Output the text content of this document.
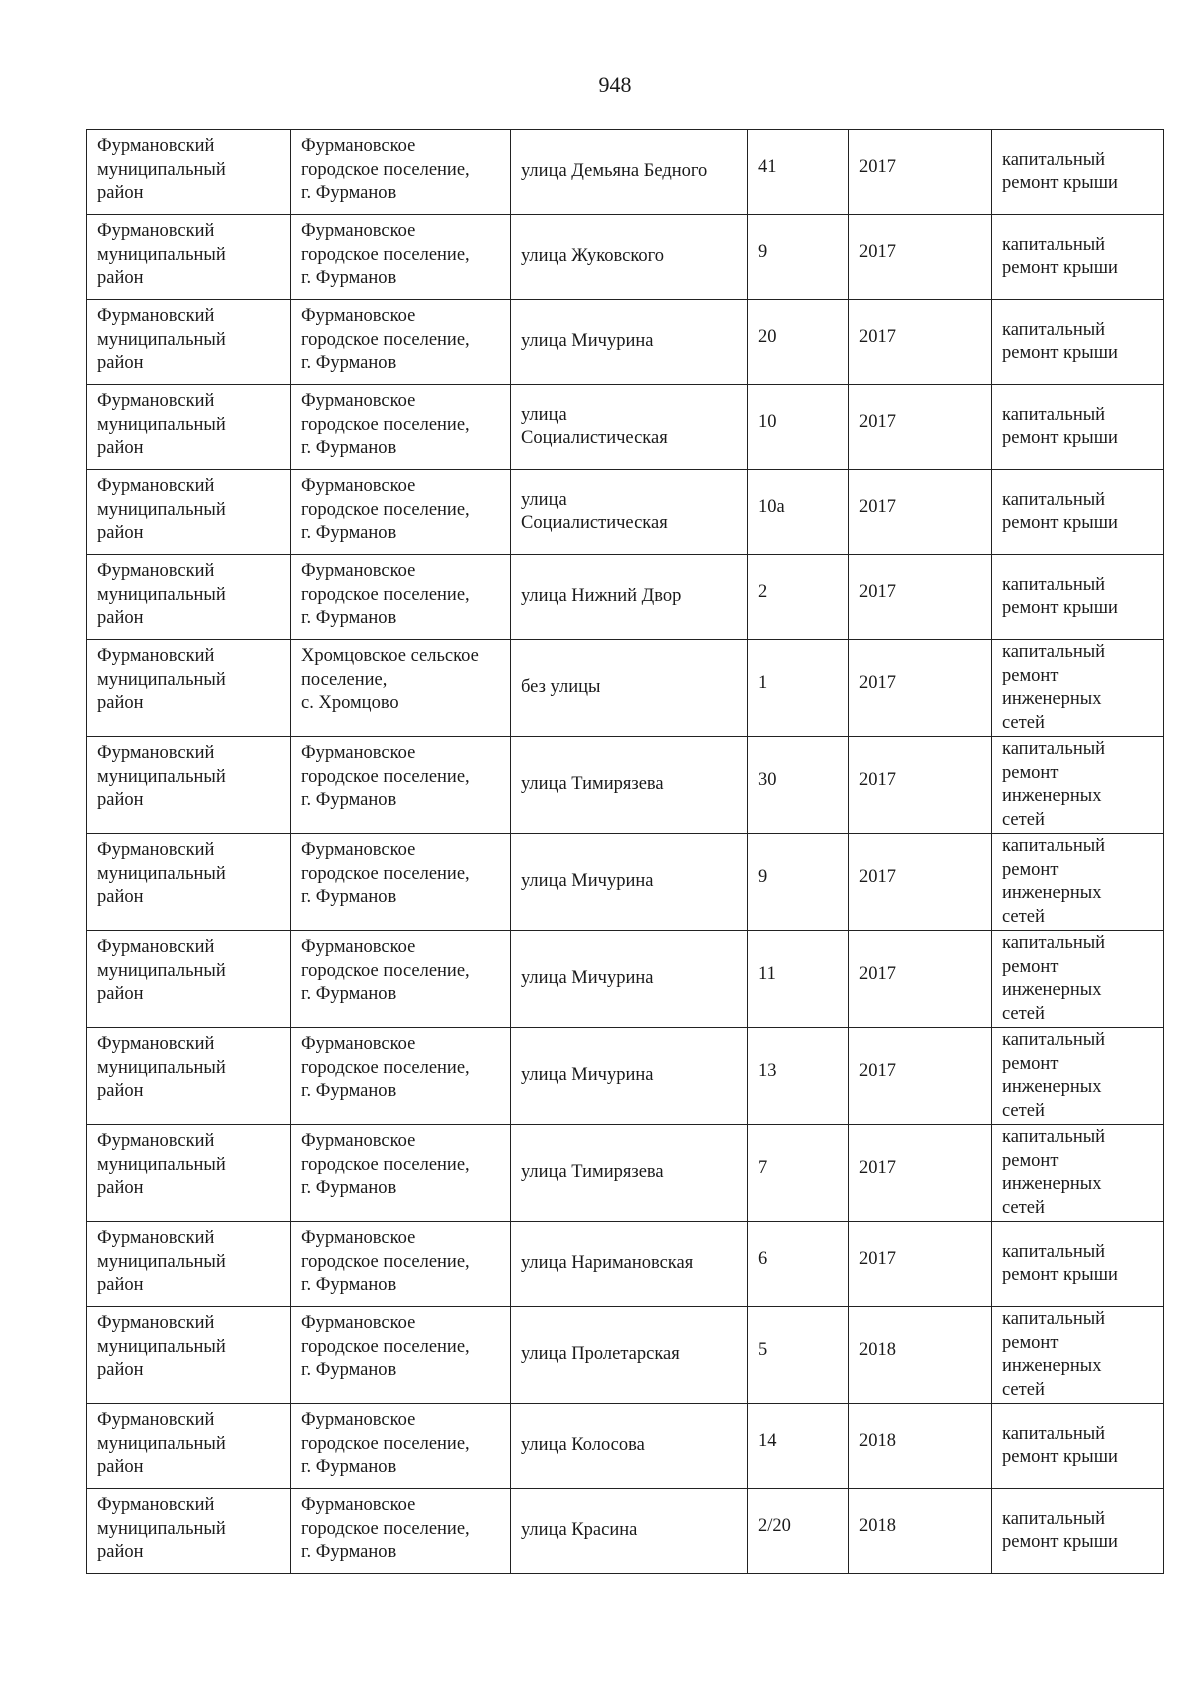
948
Фурмановский
муниципальный
район	Фурмановское
городское поселение,
г. Фурманов	улица Демьяна Бедного	41	2017	капитальный
ремонт крыши
Фурмановский
муниципальный
район	Фурмановское
городское поселение,
г. Фурманов	улица Жуковского	9	2017	капитальный
ремонт крыши
Фурмановский
муниципальный
район	Фурмановское
городское поселение,
г. Фурманов	улица Мичурина	20	2017	капитальный
ремонт крыши
Фурмановский
муниципальный
район	Фурмановское
городское поселение,
г. Фурманов	улица
Социалистическая	10	2017	капитальный
ремонт крыши
Фурмановский
муниципальный
район	Фурмановское
городское поселение,
г. Фурманов	улица
Социалистическая	10а	2017	капитальный
ремонт крыши
Фурмановский
муниципальный
район	Фурмановское
городское поселение,
г. Фурманов	улица Нижний Двор	2	2017	капитальный
ремонт крыши
Фурмановский
муниципальный
район	Хромцовское сельское
поселение,
с. Хромцово	без улицы	1	2017	капитальный
ремонт
инженерных
сетей
Фурмановский
муниципальный
район	Фурмановское
городское поселение,
г. Фурманов	улица Тимирязева	30	2017	капитальный
ремонт
инженерных
сетей
Фурмановский
муниципальный
район	Фурмановское
городское поселение,
г. Фурманов	улица Мичурина	9	2017	капитальный
ремонт
инженерных
сетей
Фурмановский
муниципальный
район	Фурмановское
городское поселение,
г. Фурманов	улица Мичурина	11	2017	капитальный
ремонт
инженерных
сетей
Фурмановский
муниципальный
район	Фурмановское
городское поселение,
г. Фурманов	улица Мичурина	13	2017	капитальный
ремонт
инженерных
сетей
Фурмановский
муниципальный
район	Фурмановское
городское поселение,
г. Фурманов	улица Тимирязева	7	2017	капитальный
ремонт
инженерных
сетей
Фурмановский
муниципальный
район	Фурмановское
городское поселение,
г. Фурманов	улица Наримановская	6	2017	капитальный
ремонт крыши
Фурмановский
муниципальный
район	Фурмановское
городское поселение,
г. Фурманов	улица Пролетарская	5	2018	капитальный
ремонт
инженерных
сетей
Фурмановский
муниципальный
район	Фурмановское
городское поселение,
г. Фурманов	улица Колосова	14	2018	капитальный
ремонт крыши
Фурмановский
муниципальный
район	Фурмановское
городское поселение,
г. Фурманов	улица Красина	2/20	2018	капитальный
ремонт крыши
